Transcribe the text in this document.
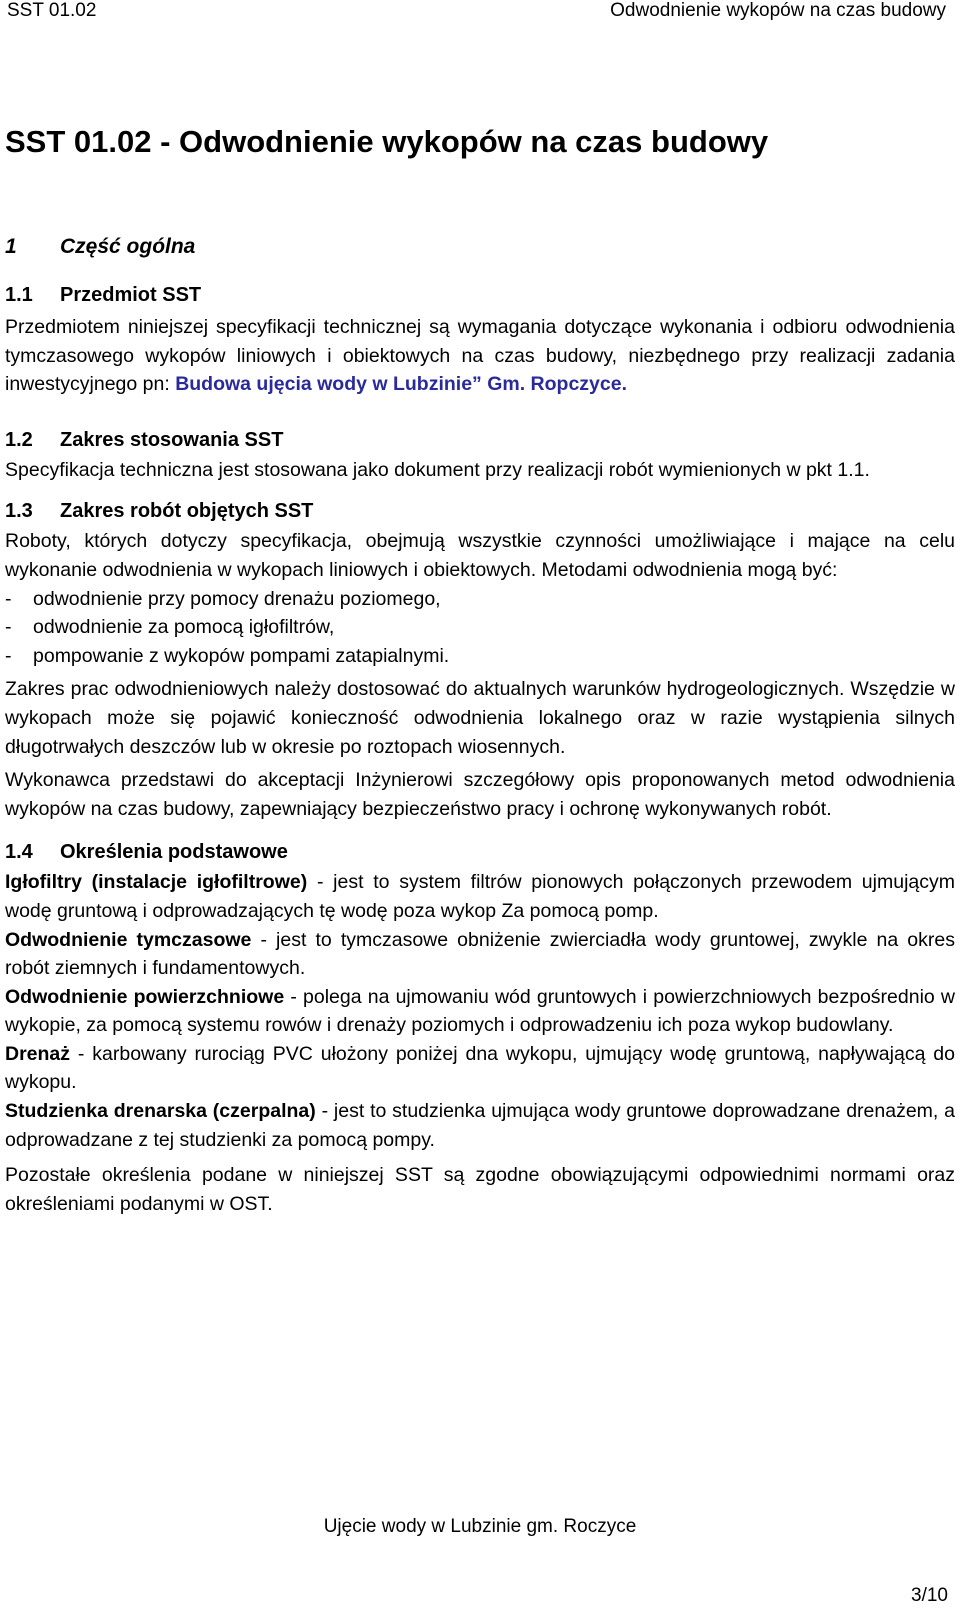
SST 01.02	Odwodnienie wykopów na czas budowy
SST 01.02 - Odwodnienie wykopów na czas budowy
1 Część ogólna
1.1 Przedmiot SST

Przedmiotem niniejszej specyfikacji technicznej są wymagania dotyczące wykonania i odbioru odwodnienia tymczasowego wykopów liniowych i obiektowych na czas budowy, niezbędnego przy realizacji zadania inwestycyjnego pn: Budowa ujęcia wody w Lubzinie” Gm. Ropczyce.

1.2 Zakres stosowania SST

Specyfikacja techniczna jest stosowana jako dokument przy realizacji robót wymienionych w pkt 1.1.

1.3 Zakres robót objętych SST

Roboty, których dotyczy specyfikacja, obejmują wszystkie czynności umożliwiające i mające na celu wykonanie odwodnienia w wykopach liniowych i obiektowych. Metodami odwodnienia mogą być:

- odwodnienie przy pomocy drenażu poziomego,
- odwodnienie za pomocą igłofiltrów,
- pompowanie z wykopów pompami zatapialnymi.

Zakres prac odwodnieniowych należy dostosować do aktualnych warunków hydrogeologicznych. Wszędzie w wykopach może się pojawić konieczność odwodnienia lokalnego oraz w razie wystąpienia silnych długotrwałych deszczów lub w okresie po roztopach wiosennych.

Wykonawca przedstawi do akceptacji Inżynierowi szczegółowy opis proponowanych metod odwodnienia wykopów na czas budowy, zapewniający bezpieczeństwo pracy i ochronę wykonywanych robót.

1.4 Określenia podstawowe

Igłofiltry (instalacje igłofiltrowe) - jest to system filtrów pionowych połączonych przewodem ujmującym wodę gruntową i odprowadzających tę wodę poza wykop Za pomocą pomp.

Odwodnienie tymczasowe - jest to tymczasowe obniżenie zwierciadła wody gruntowej, zwykle na okres robót ziemnych i fundamentowych.

Odwodnienie powierzchniowe - polega na ujmowaniu wód gruntowych i powierzchniowych bezpośrednio w wykopie, za pomocą systemu rowów i drenaży poziomych i odprowadzeniu ich poza wykop budowlany.

Drenaż - karbowany rurociąg PVC ułożony poniżej dna wykopu, ujmujący wodę gruntową, napływającą do wykopu.

Studzienka drenarska (czerpalna) - jest to studzienka ujmująca wody gruntowe doprowadzane drenażem, a odprowadzane z tej studzienki za pomocą pompy.

Pozostałe określenia podane w niniejszej SST są zgodne obowiązującymi odpowiednimi normami oraz określeniami podanymi w OST.

Ujęcie wody w Lubzinie gm. Roczyce
3/10
